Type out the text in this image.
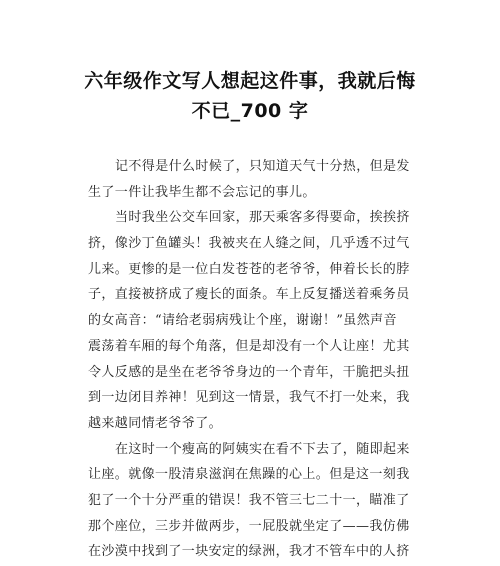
六年级作文写人想起这件事，我就后悔
不已_700 字

记不得是什么时候了，只知道天气十分热，但是发
生了一件让我毕生都不会忘记的事儿。

当时我坐公交车回家，那天乘客多得要命，挨挨挤
挤，像沙丁鱼罐头！我被夹在人缝之间，几乎透不过气
儿来。更惨的是一位白发苍苍的老爷爷，伸着长长的脖
子，直接被挤成了瘦长的面条。车上反复播送着乘务员
的女高音：“请给老弱病残让个座，谢谢！”虽然声音
震荡着车厢的每个角落，但是却没有一个人让座！尤其
令人反感的是坐在老爷爷身边的一个青年，干脆把头扭
到一边闭目养神！见到这一情景，我气不打一处来，我
越来越同情老爷爷了。

在这时一个瘦高的阿姨实在看不下去了，随即起来
让座。就像一股清泉滋润在焦躁的心上。但是这一刻我
犯了一个十分严重的错误！我不管三七二十一，瞄准了
那个座位，三步并做两步，一屁股就坐定了——我仿佛
在沙漠中找到了一块安定的绿洲，我才不管车中的人挤
